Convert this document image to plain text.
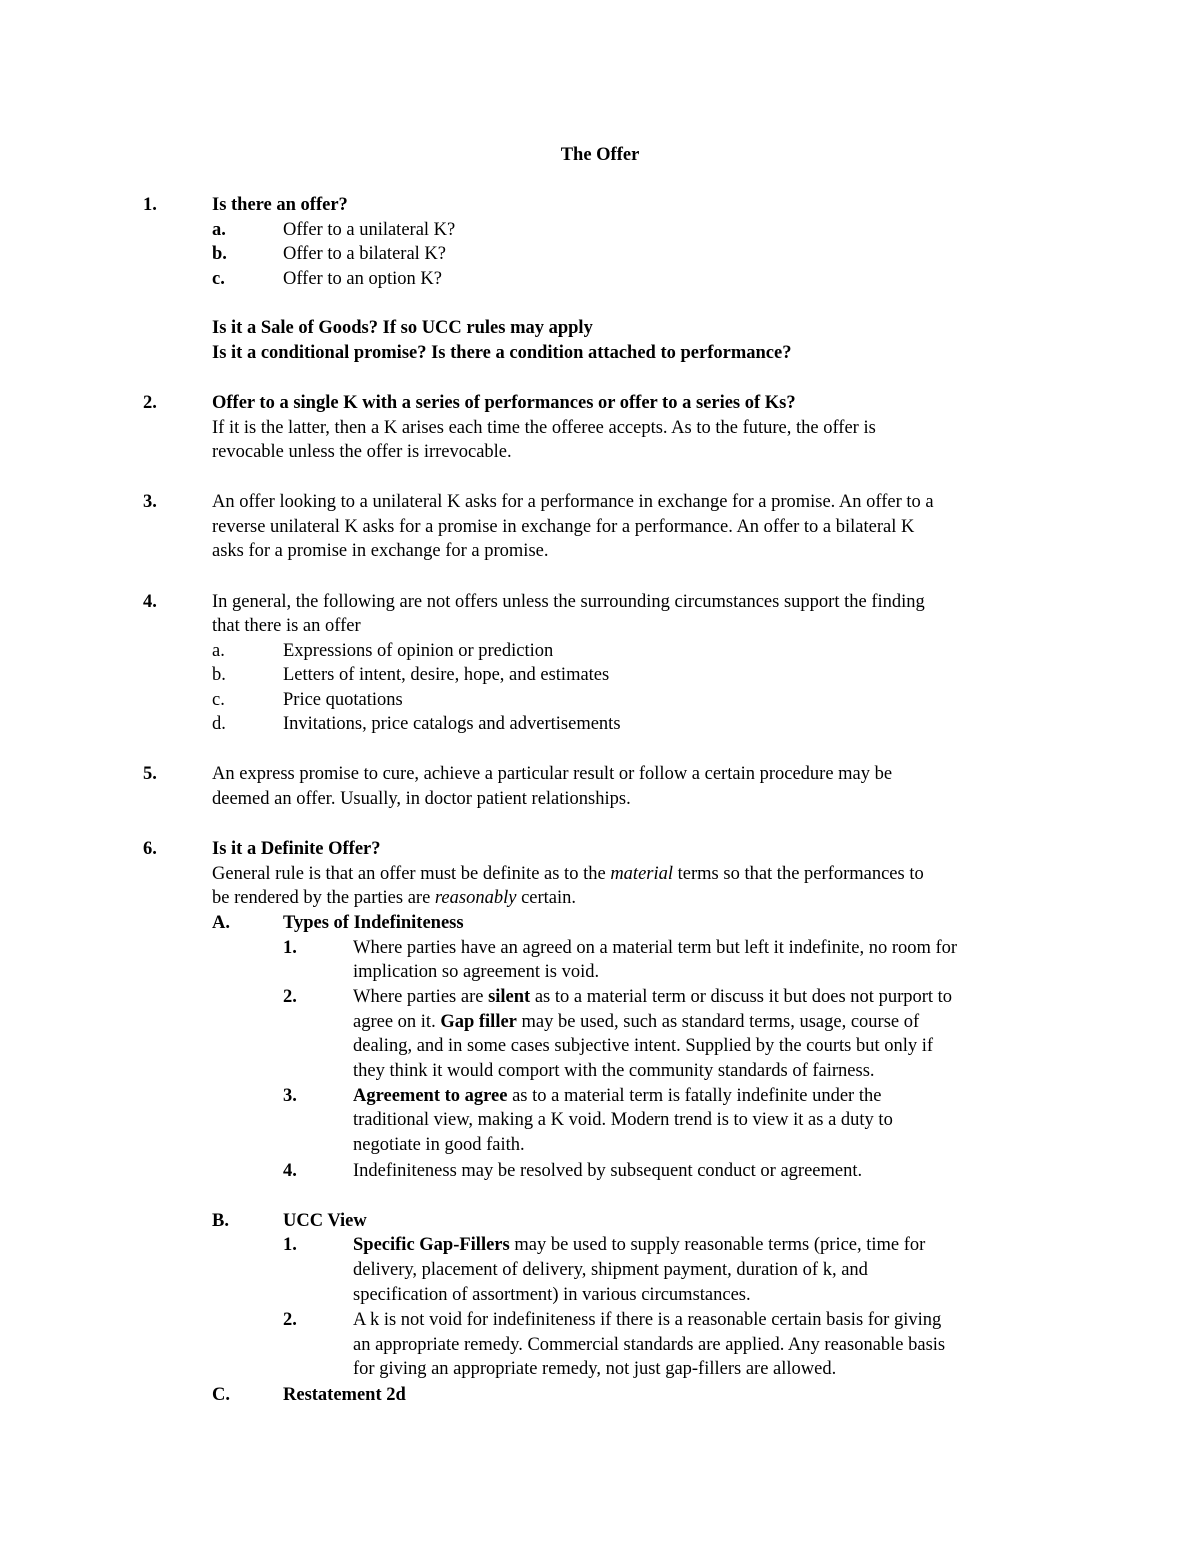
The Offer
1.	Is there an offer?
a.	Offer to a unilateral K?
b.	Offer to a bilateral K?
c.	Offer to an option K?
Is it a Sale of Goods? If so UCC rules may apply
Is it a conditional promise? Is there a condition attached to performance?
2.	Offer to a single K with a series of performances or offer to a series of Ks?
If it is the latter, then a K arises each time the offeree accepts. As to the future, the offer is
revocable unless the offer is irrevocable.
3.	An offer looking to a unilateral K asks for a performance in exchange for a promise. An offer to a
reverse unilateral K asks for a promise in exchange for a performance. An offer to a bilateral K
asks for a promise in exchange for a promise.
4.	In general, the following are not offers unless the surrounding circumstances support the finding
that there is an offer
a.	Expressions of opinion or prediction
b.	Letters of intent, desire, hope, and estimates
c.	Price quotations
d.	Invitations, price catalogs and advertisements
5.	An express promise to cure, achieve a particular result or follow a certain procedure may be
deemed an offer. Usually, in doctor patient relationships.
6.	Is it a Definite Offer?
General rule is that an offer must be definite as to the material terms so that the performances to
be rendered by the parties are reasonably certain.
A.	Types of Indefiniteness
1.	Where parties have an agreed on a material term but left it indefinite, no room for
implication so agreement is void.
2.	Where parties are silent as to a material term or discuss it but does not purport to
agree on it. Gap filler may be used, such as standard terms, usage, course of
dealing, and in some cases subjective intent. Supplied by the courts but only if
they think it would comport with the community standards of fairness.
3.	Agreement to agree as to a material term is fatally indefinite under the
traditional view, making a K void. Modern trend is to view it as a duty to
negotiate in good faith.
4.	Indefiniteness may be resolved by subsequent conduct or agreement.
B.	UCC View
1.	Specific Gap-Fillers may be used to supply reasonable terms (price, time for
delivery, placement of delivery, shipment payment, duration of k, and
specification of assortment) in various circumstances.
2.	A k is not void for indefiniteness if there is a reasonable certain basis for giving
an appropriate remedy. Commercial standards are applied. Any reasonable basis
for giving an appropriate remedy, not just gap-fillers are allowed.
C.	Restatement 2d
